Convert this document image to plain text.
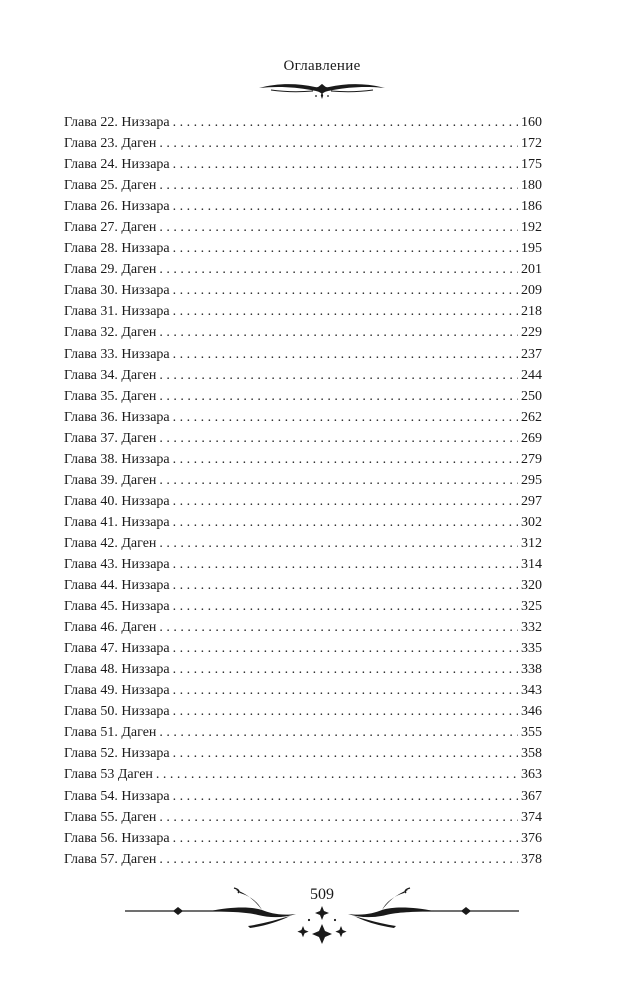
Оглавление
Глава 22. Низзара . . .	160
Глава 23. Даген . . .	172
Глава 24. Низзара . . .	175
Глава 25. Даген . . .	180
Глава 26. Низзара . . .	186
Глава 27. Даген . . .	192
Глава 28. Низзара . . .	195
Глава 29. Даген . . .	201
Глава 30. Низзара . . .	209
Глава 31. Низзара . . .	218
Глава 32. Даген . . .	229
Глава 33. Низзара . . .	237
Глава 34. Даген . . .	244
Глава 35. Даген . . .	250
Глава 36. Низзара . . .	262
Глава 37. Даген . . .	269
Глава 38. Низзара . . .	279
Глава 39. Даген . . .	295
Глава 40. Низзара . . .	297
Глава 41. Низзара . . .	302
Глава 42. Даген . . .	312
Глава 43. Низзара . . .	314
Глава 44. Низзара . . .	320
Глава 45. Низзара . . .	325
Глава 46. Даген . . .	332
Глава 47. Низзара . . .	335
Глава 48. Низзара . . .	338
Глава 49. Низзара . . .	343
Глава 50. Низзара . . .	346
Глава 51. Даген . . .	355
Глава 52. Низзара . . .	358
Глава 53 Даген . . .	363
Глава 54. Низзара . . .	367
Глава 55. Даген . . .	374
Глава 56. Низзара . . .	376
Глава 57. Даген . . .	378
509
